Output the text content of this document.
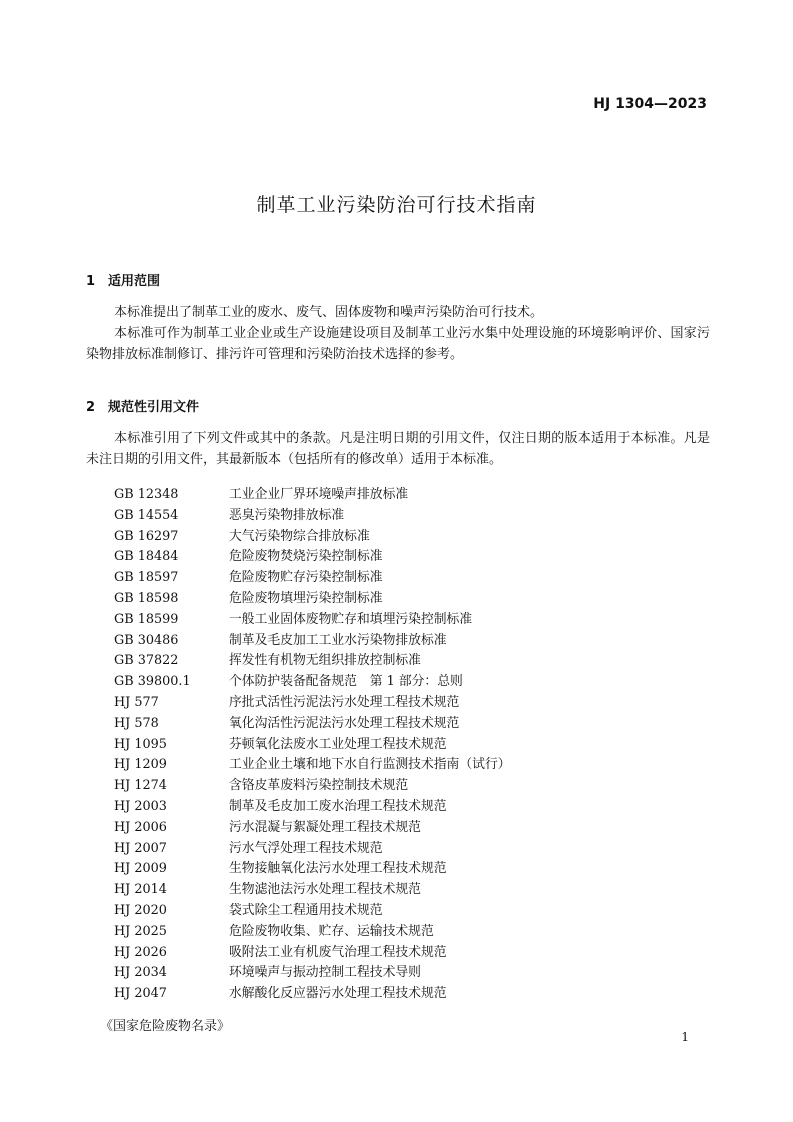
HJ 1304—2023
制革工业污染防治可行技术指南
1 适用范围

本标准提出了制革工业的废水、废气、固体废物和噪声污染防治可行技术。

本标准可作为制革工业企业或生产设施建设项目及制革工业污水集中处理设施的环境影响评价、国家污染物排放标准制修订、排污许可管理和污染防治技术选择的参考。

2 规范性引用文件

本标准引用了下列文件或其中的条款。凡是注明日期的引用文件，仅注日期的版本适用于本标准。凡是未注日期的引用文件，其最新版本（包括所有的修改单）适用于本标准。

GB 12348	工业企业厂界环境噪声排放标准
GB 14554	恶臭污染物排放标准
GB 16297	大气污染物综合排放标准
GB 18484	危险废物焚烧污染控制标准
GB 18597	危险废物贮存污染控制标准
GB 18598	危险废物填埋污染控制标准
GB 18599	一般工业固体废物贮存和填埋污染控制标准
GB 30486	制革及毛皮加工工业水污染物排放标准
GB 37822	挥发性有机物无组织排放控制标准
GB 39800.1	个体防护装备配备规范　第 1 部分：总则
HJ 577	序批式活性污泥法污水处理工程技术规范
HJ 578	氧化沟活性污泥法污水处理工程技术规范
HJ 1095	芬顿氧化法废水工业处理工程技术规范
HJ 1209	工业企业土壤和地下水自行监测技术指南（试行）
HJ 1274	含铬皮革废料污染控制技术规范
HJ 2003	制革及毛皮加工废水治理工程技术规范
HJ 2006	污水混凝与絮凝处理工程技术规范
HJ 2007	污水气浮处理工程技术规范
HJ 2009	生物接触氧化法污水处理工程技术规范
HJ 2014	生物滤池法污水处理工程技术规范
HJ 2020	袋式除尘工程通用技术规范
HJ 2025	危险废物收集、贮存、运输技术规范
HJ 2026	吸附法工业有机废气治理工程技术规范
HJ 2034	环境噪声与振动控制工程技术导则
HJ 2047	水解酸化反应器污水处理工程技术规范
《国家危险废物名录》
1
